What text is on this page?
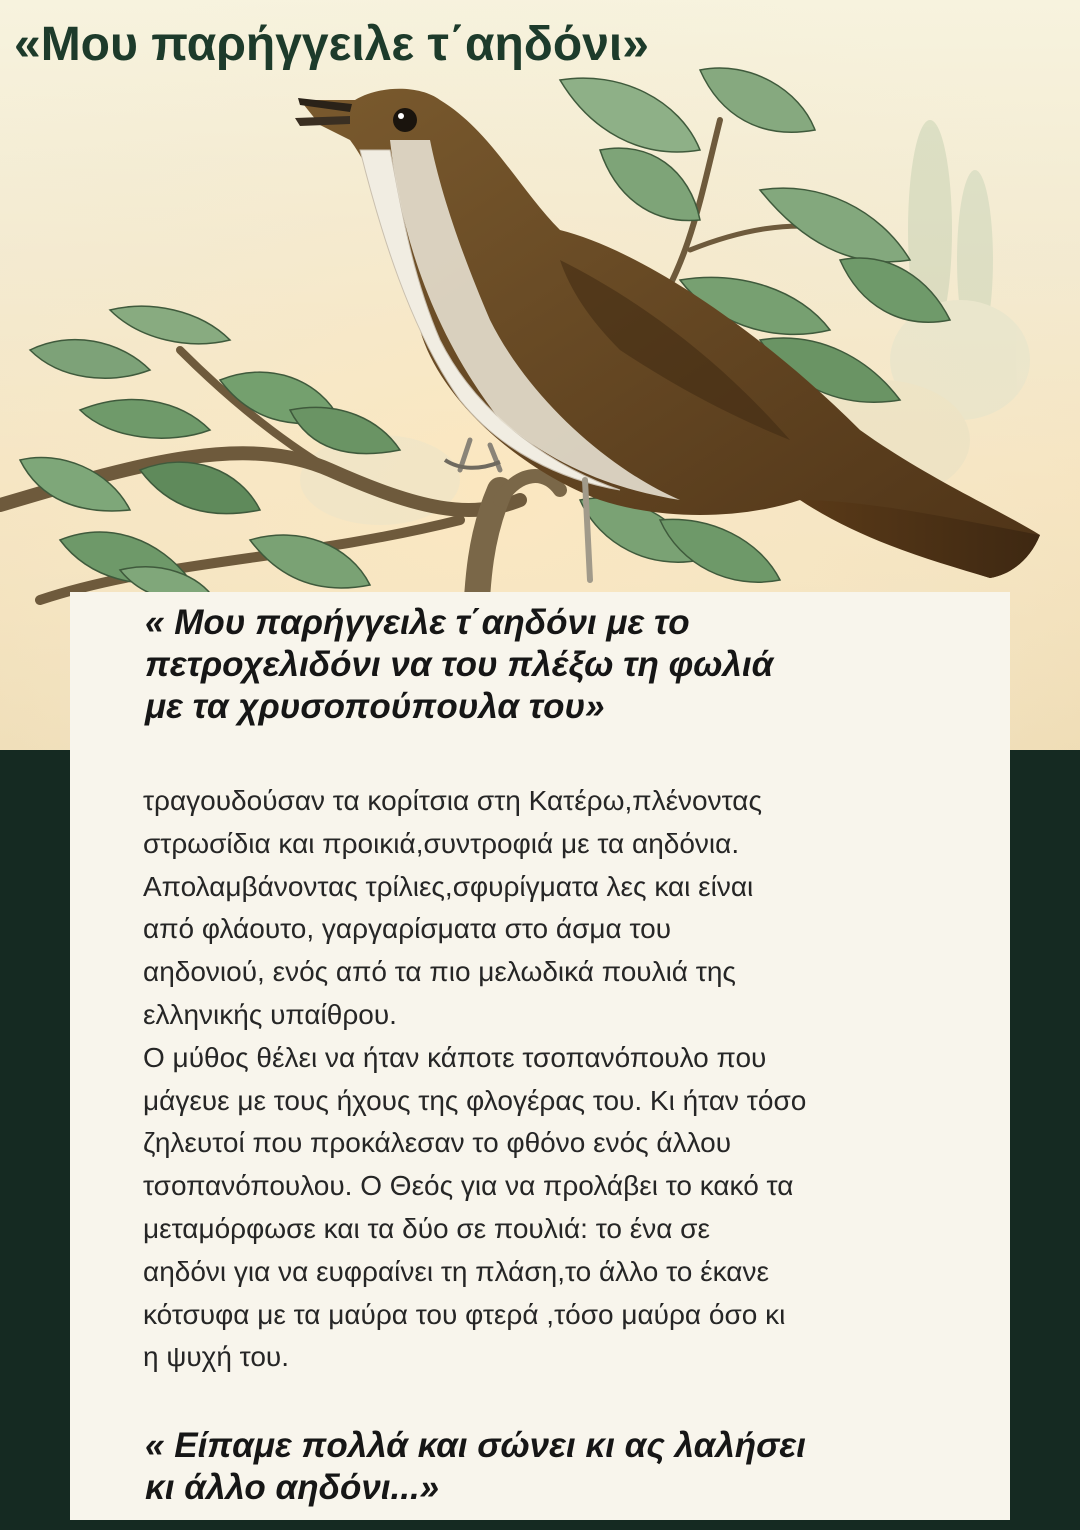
«Μου παρήγγειλε τ΄αηδόνι»

« Μου παρήγγειλε τ΄αηδόνι με το
πετροχελιδόνι να του πλέξω τη φωλιά
με τα χρυσοπούπουλα του»

τραγουδούσαν τα κορίτσια στη Κατέρω,πλένοντας
στρωσίδια και προικιά,συντροφιά με τα αηδόνια.
Απολαμβάνοντας τρίλιες,σφυρίγματα λες και είναι
από φλάουτο, γαργαρίσματα στο άσμα του
αηδονιού, ενός από τα πιο μελωδικά πουλιά της
ελληνικής υπαίθρου.
Ο μύθος θέλει να ήταν κάποτε τσοπανόπουλο που
μάγευε με τους ήχους της φλογέρας του. Κι ήταν τόσο
ζηλευτοί που προκάλεσαν το φθόνο ενός άλλου
τσοπανόπουλου. Ο Θεός για να προλάβει το κακό τα
μεταμόρφωσε και τα δύο σε πουλιά: το ένα σε
αηδόνι για να ευφραίνει τη πλάση,το άλλο το έκανε
κότσυφα με τα μαύρα του φτερά ,τόσο μαύρα όσο κι
η ψυχή του.

« Είπαμε πολλά και σώνει κι ας λαλήσει
κι άλλο αηδόνι...»
